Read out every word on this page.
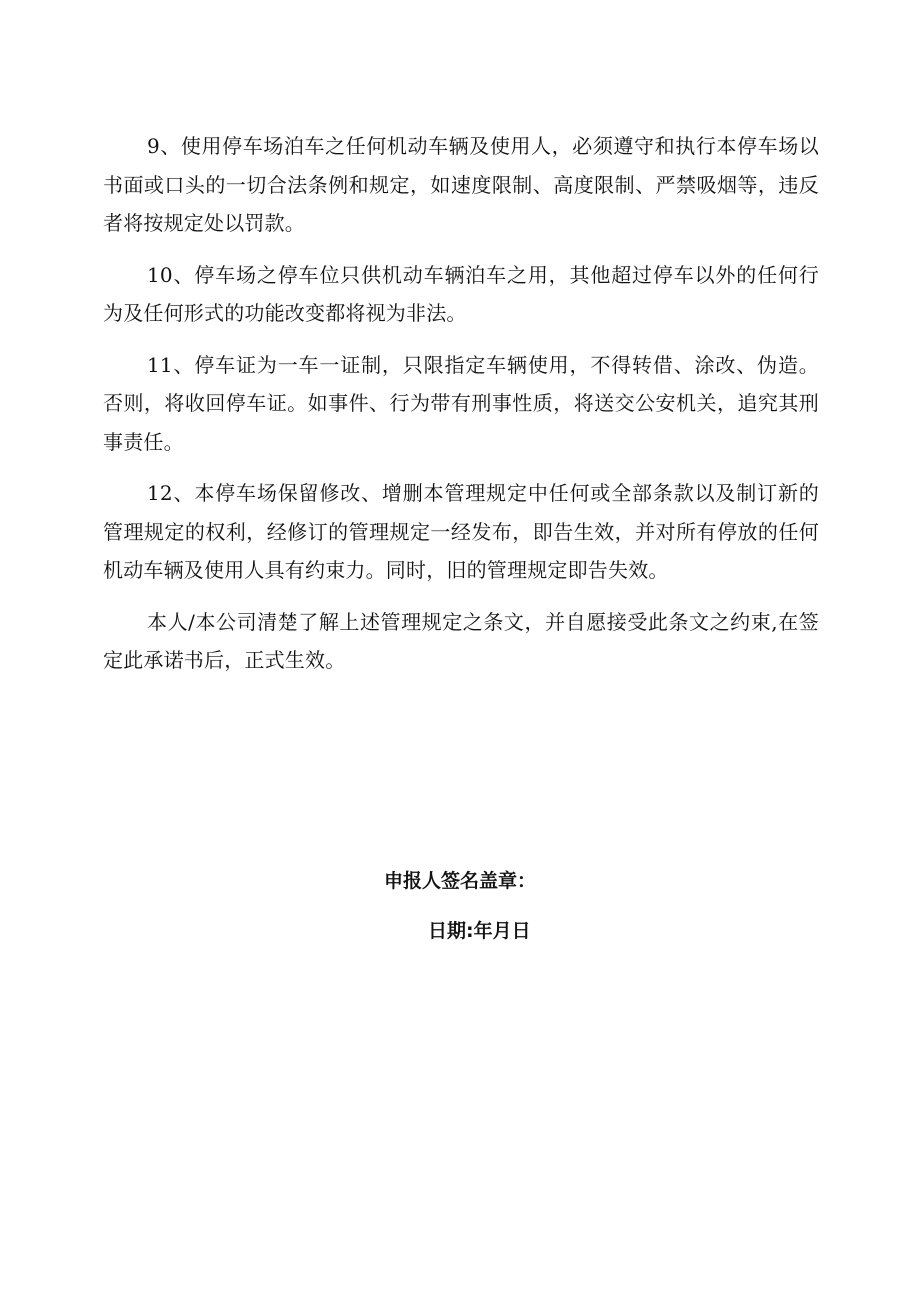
9、使用停车场泊车之任何机动车辆及使用人，必须遵守和执行本停车场以书面或口头的一切合法条例和规定，如速度限制、高度限制、严禁吸烟等，违反者将按规定处以罚款。

10、停车场之停车位只供机动车辆泊车之用，其他超过停车以外的任何行为及任何形式的功能改变都将视为非法。

11、停车证为一车一证制，只限指定车辆使用，不得转借、涂改、伪造。否则，将收回停车证。如事件、行为带有刑事性质，将送交公安机关，追究其刑事责任。

12、本停车场保留修改、增删本管理规定中任何或全部条款以及制订新的管理规定的权利，经修订的管理规定一经发布，即告生效，并对所有停放的任何机动车辆及使用人具有约束力。同时，旧的管理规定即告失效。

本人/本公司清楚了解上述管理规定之条文，并自愿接受此条文之约束,在签定此承诺书后，正式生效。

申报人签名盖章：
日期:年月日
